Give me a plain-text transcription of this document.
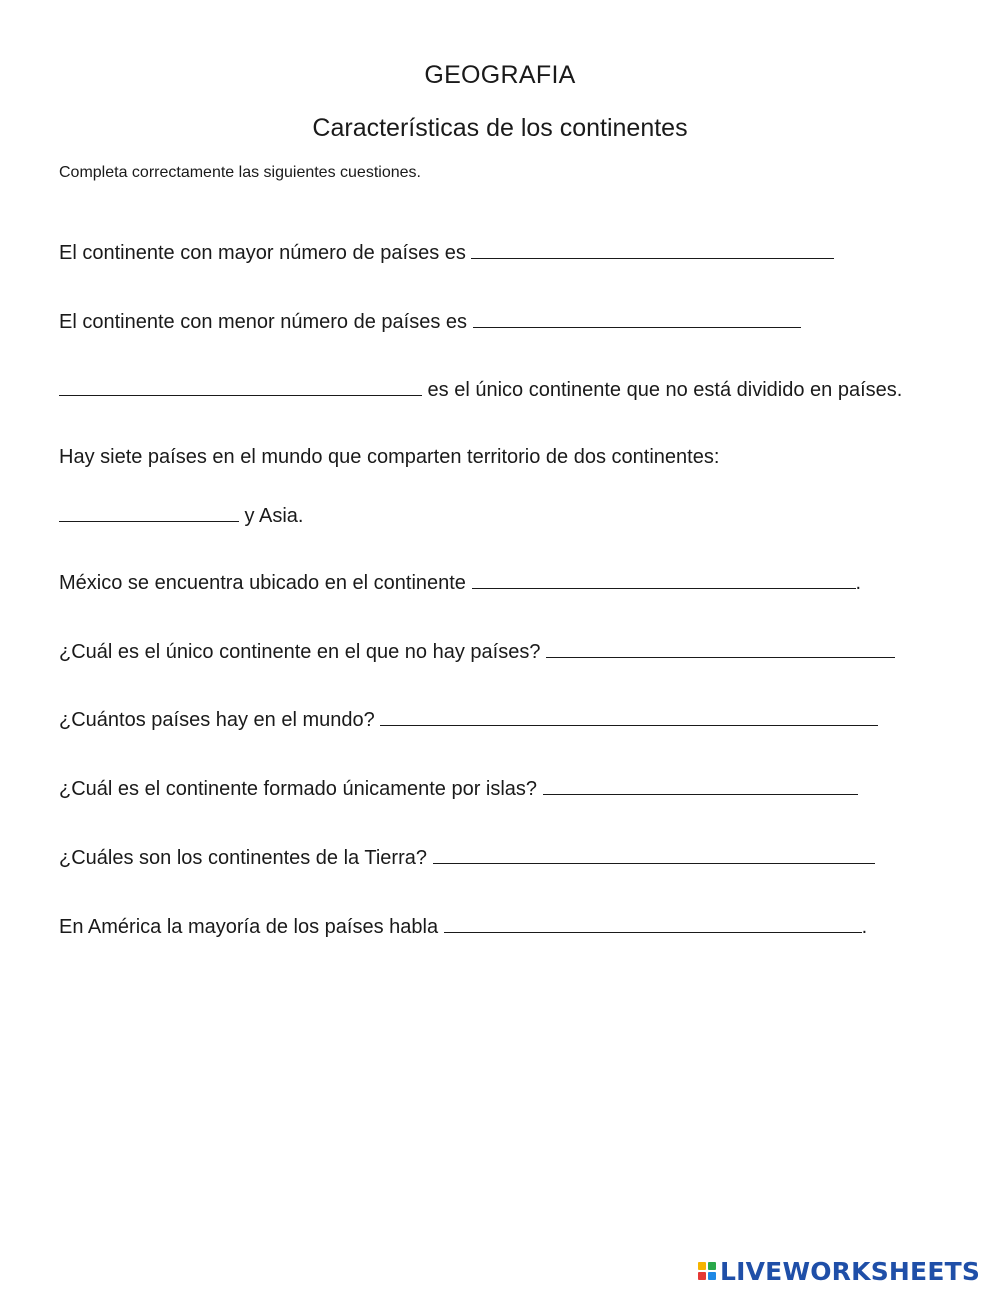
GEOGRAFIA
Características de los continentes
Completa correctamente las siguientes cuestiones.
El continente con mayor número de países es
El continente con menor número de países es
es el único continente que no está dividido en países.
Hay siete países en el mundo que comparten territorio de dos continentes:
y Asia.
México se encuentra ubicado en el continente	.
¿Cuál es el único continente en el que no hay países?
¿Cuántos países hay en el mundo?
¿Cuál es el continente formado únicamente por islas?
¿Cuáles son los continentes de la Tierra?
En América la mayoría de los países habla	.
LIVEWORKSHEETS
